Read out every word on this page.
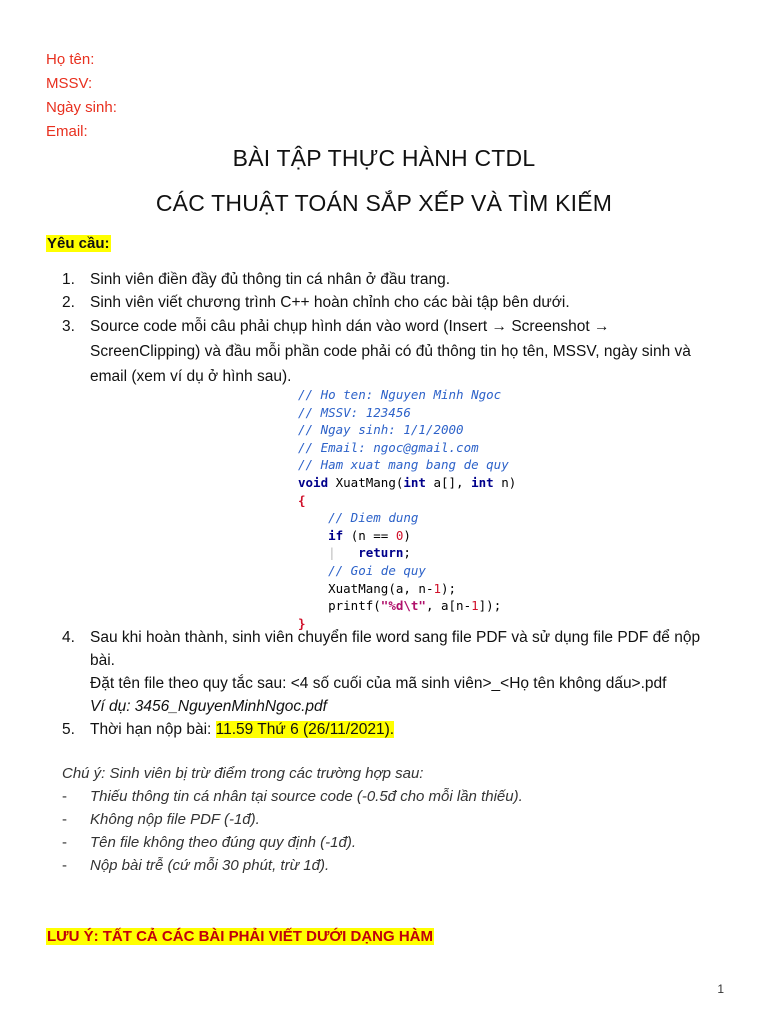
Họ tên:
MSSV:
Ngày sinh:
Email:
BÀI TẬP THỰC HÀNH CTDL
CÁC THUẬT TOÁN SẮP XẾP VÀ TÌM KIẾM
Yêu cầu:
1. Sinh viên điền đầy đủ thông tin cá nhân ở đầu trang.
2. Sinh viên viết chương trình C++ hoàn chỉnh cho các bài tập bên dưới.
3. Source code mỗi câu phải chụp hình dán vào word (Insert → Screenshot → ScreenClipping) và đầu mỗi phần code phải có đủ thông tin họ tên, MSSV, ngày sinh và email (xem ví dụ ở hình sau).
// Ho ten: Nguyen Minh Ngoc
// MSSV: 123456
// Ngay sinh: 1/1/2000
// Email: ngoc@gmail.com
// Ham xuat mang bang de quy
void XuatMang(int a[], int n)
{
// Diem dung
if (n == 0)
| return;
// Goi de quy
XuatMang(a, n-1);
printf("%d\t", a[n-1]);
}
4. Sau khi hoàn thành, sinh viên chuyển file word sang file PDF và sử dụng file PDF để nộp bài.
Đặt tên file theo quy tắc sau: <4 số cuối của mã sinh viên>_<Họ tên không dấu>.pdf
Ví dụ: 3456_NguyenMinhNgoc.pdf
5. Thời hạn nộp bài: 11.59 Thứ 6 (26/11/2021).
Chú ý: Sinh viên bị trừ điểm trong các trường hợp sau:
- Thiếu thông tin cá nhân tại source code (-0.5đ cho mỗi lần thiếu).
- Không nộp file PDF (-1đ).
- Tên file không theo đúng quy định (-1đ).
- Nộp bài trễ (cứ mỗi 30 phút, trừ 1đ).
LƯU Ý: TẤT CẢ CÁC BÀI PHẢI VIẾT DƯỚI DẠNG HÀM
1
